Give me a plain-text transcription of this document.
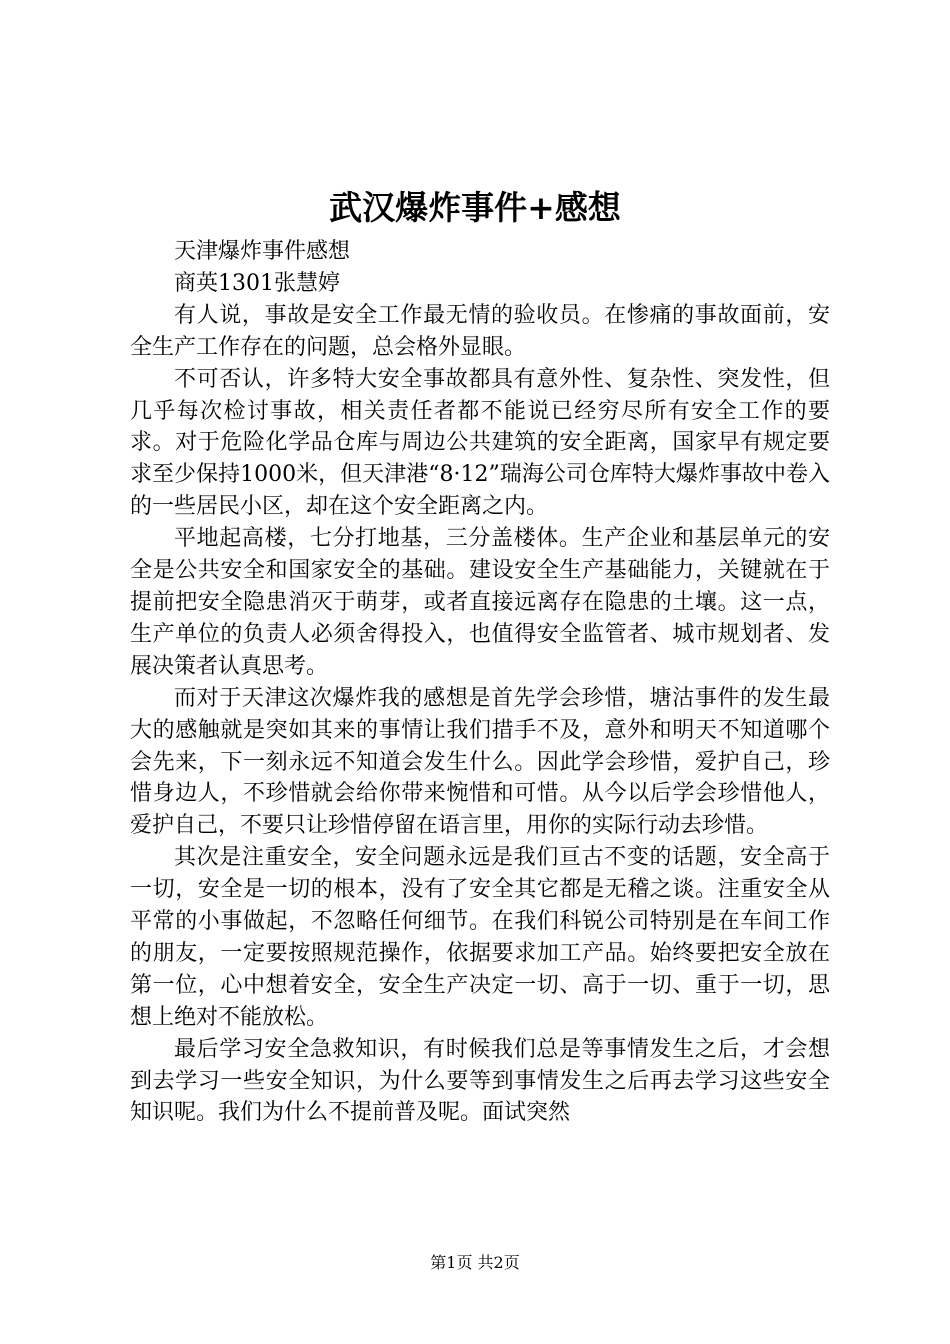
武汉爆炸事件+感想

天津爆炸事件感想

商英1301张慧婷

有人说，事故是安全工作最无情的验收员。在惨痛的事故面前，安全生产工作存在的问题，总会格外显眼。

不可否认，许多特大安全事故都具有意外性、复杂性、突发性，但几乎每次检讨事故，相关责任者都不能说已经穷尽所有安全工作的要求。对于危险化学品仓库与周边公共建筑的安全距离，国家早有规定要求至少保持1000米，但天津港“8·12”瑞海公司仓库特大爆炸事故中卷入的一些居民小区，却在这个安全距离之内。

平地起高楼，七分打地基，三分盖楼体。生产企业和基层单元的安全是公共安全和国家安全的基础。建设安全生产基础能力，关键就在于提前把安全隐患消灭于萌芽，或者直接远离存在隐患的土壤。这一点，生产单位的负责人必须舍得投入，也值得安全监管者、城市规划者、发展决策者认真思考。

而对于天津这次爆炸我的感想是首先学会珍惜，塘沽事件的发生最大的感触就是突如其来的事情让我们措手不及，意外和明天不知道哪个会先来，下一刻永远不知道会发生什么。因此学会珍惜，爱护自己，珍惜身边人，不珍惜就会给你带来惋惜和可惜。从今以后学会珍惜他人，爱护自己，不要只让珍惜停留在语言里，用你的实际行动去珍惜。

其次是注重安全，安全问题永远是我们亘古不变的话题，安全高于一切，安全是一切的根本，没有了安全其它都是无稽之谈。注重安全从平常的小事做起，不忽略任何细节。在我们科锐公司特别是在车间工作的朋友，一定要按照规范操作，依据要求加工产品。始终要把安全放在第一位，心中想着安全，安全生产决定一切、高于一切、重于一切，思想上绝对不能放松。

最后学习安全急救知识，有时候我们总是等事情发生之后，才会想到去学习一些安全知识，为什么要等到事情发生之后再去学习这些安全知识呢。我们为什么不提前普及呢。面试突然

第1页 共2页
